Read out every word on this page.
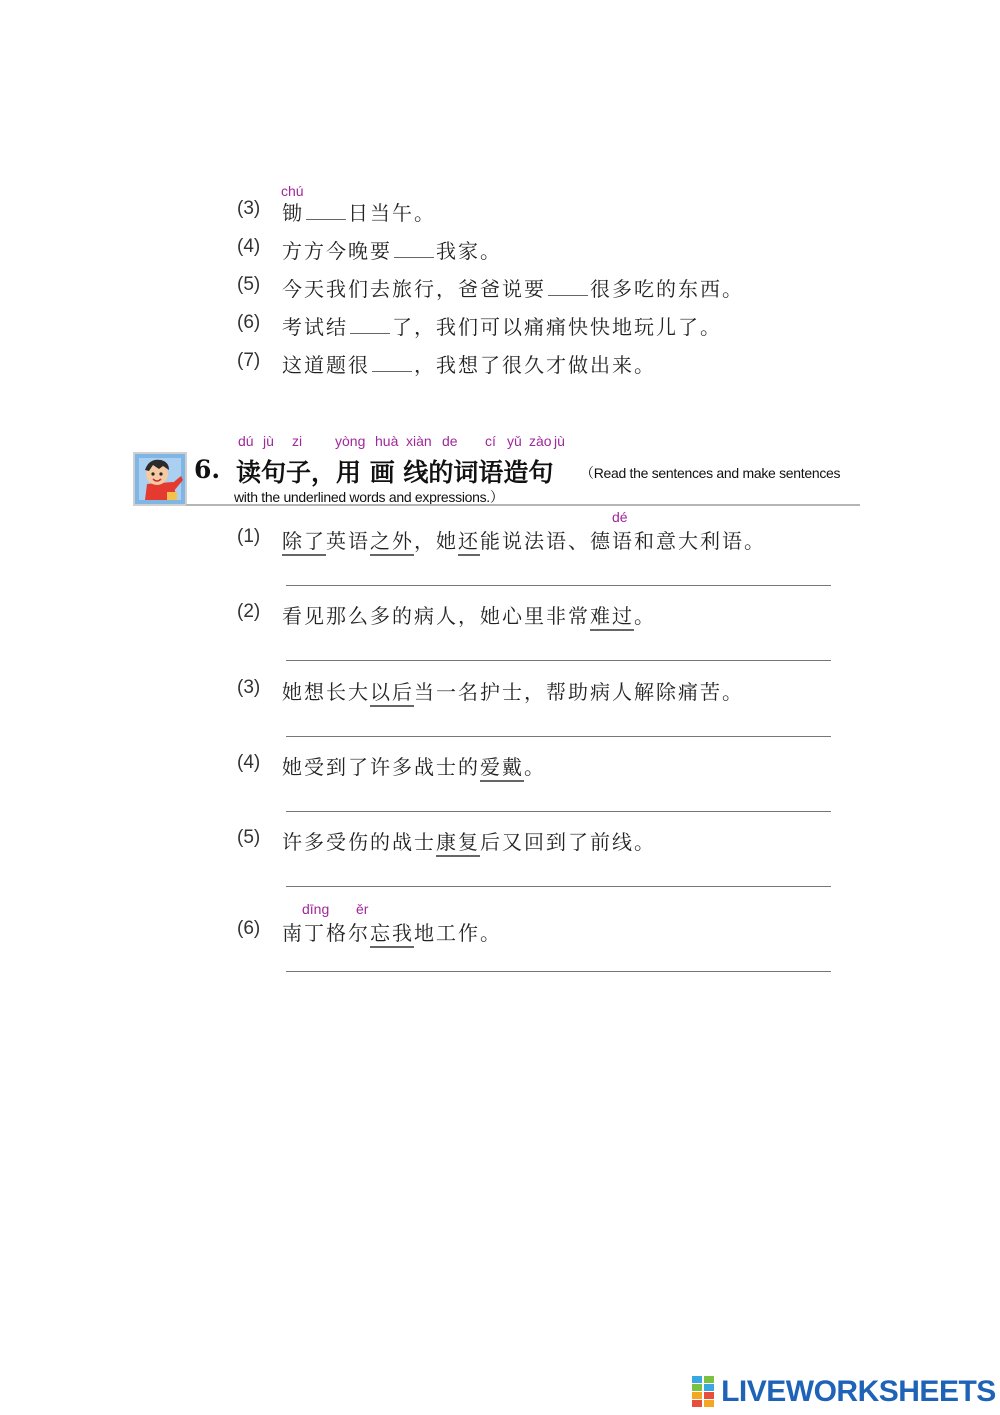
chú
(3) 锄 日当午。
(4) 方方今晚要 我家。
(5) 今天我们去旅行，爸爸说要 很多吃的东西。
(6) 考试结 了，我们可以痛痛快快地玩儿了。
(7) 这道题很 ，我想了很久才做出来。
dú jù zi yòng huà xiàn de cí yǔ zào jù
6. 读句子，用 画 线的词语造句 （Read the sentences and make sentences
with the underlined words and expressions.）
dé
(1) 除了英语之外，她还能说法语、德语和意大利语。
(2) 看见那么多的病人，她心里非常难过。
(3) 她想长大以后当一名护士，帮助病人解除痛苦。
(4) 她受到了许多战士的爱戴。
(5) 许多受伤的战士康复后又回到了前线。
dīng ěr
(6) 南丁格尔忘我地工作。
LIVEWORKSHEETS
